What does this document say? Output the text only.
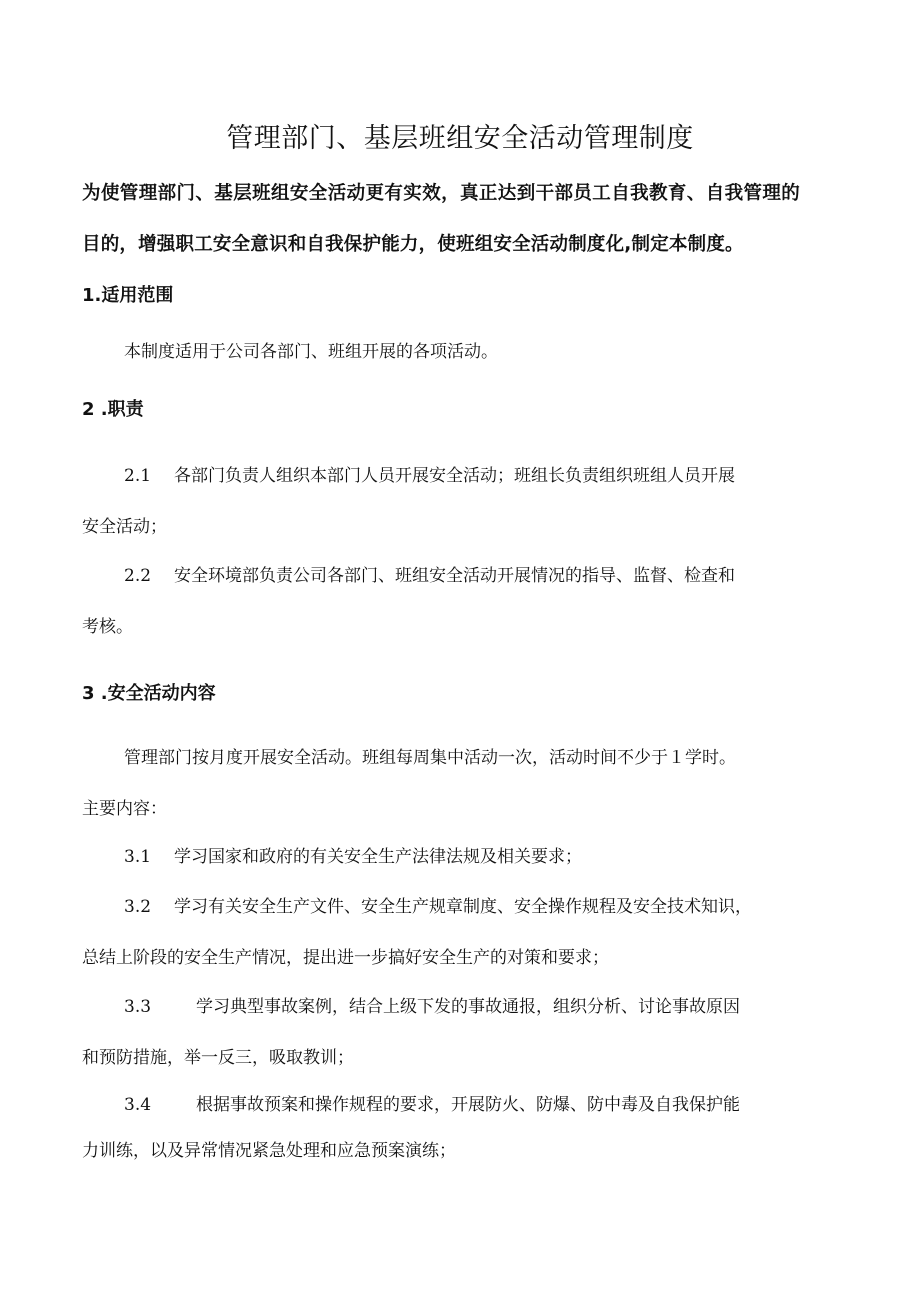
管理部门、基层班组安全活动管理制度

为使管理部门、基层班组安全活动更有实效，真正达到干部员工自我教育、自我管理的
目的，增强职工安全意识和自我保护能力，使班组安全活动制度化,制定本制度。

1.适用范围

本制度适用于公司各部门、班组开展的各项活动。

2 .职责

2.1 各部门负责人组织本部门人员开展安全活动；班组长负责组织班组人员开展
安全活动；

2.2 安全环境部负责公司各部门、班组安全活动开展情况的指导、监督、检查和
考核。

3 .安全活动内容

管理部门按月度开展安全活动。班组每周集中活动一次，活动时间不少于１学时。
主要内容：

3.1 学习国家和政府的有关安全生产法律法规及相关要求；

3.2 学习有关安全生产文件、安全生产规章制度、安全操作规程及安全技术知识，
总结上阶段的安全生产情况，提出进一步搞好安全生产的对策和要求；

3.3	学习典型事故案例，结合上级下发的事故通报，组织分析、讨论事故原因
和预防措施，举一反三，吸取教训；

3.4	根据事故预案和操作规程的要求，开展防火、防爆、防中毒及自我保护能
力训练，以及异常情况紧急处理和应急预案演练；
